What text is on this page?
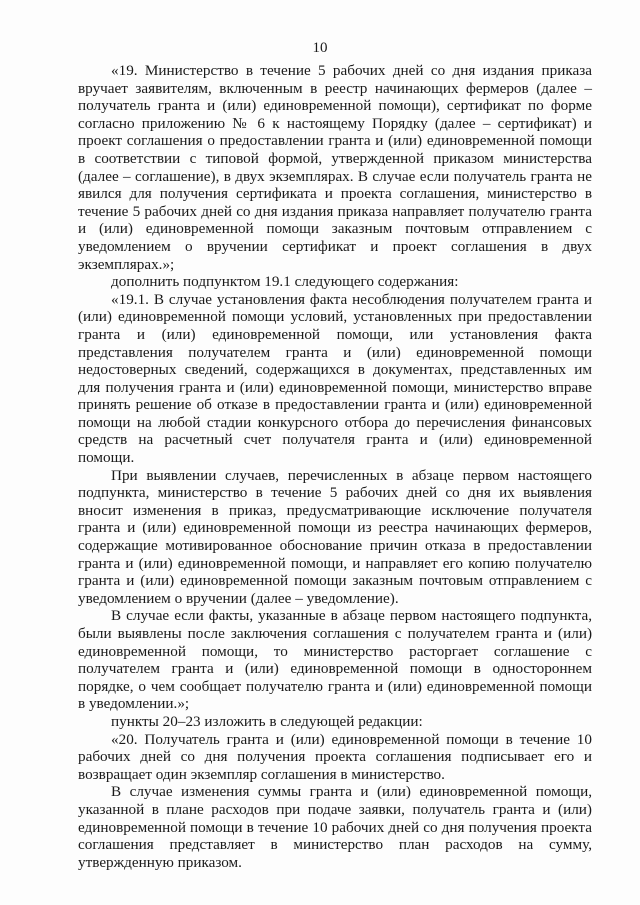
10

«19. Министерство в течение 5 рабочих дней со дня издания приказа вручает заявителям, включенным в реестр начинающих фермеров (далее – получатель гранта и (или) единовременной помощи), сертификат по форме согласно приложению № 6 к настоящему Порядку (далее – сертификат) и проект соглашения о предоставлении гранта и (или) единовременной помощи в соответствии с типовой формой, утвержденной приказом министерства (далее – соглашение), в двух экземплярах. В случае если получатель гранта не явился для получения сертификата и проекта соглашения, министерство в течение 5 рабочих дней со дня издания приказа направляет получателю гранта и (или) единовременной помощи заказным почтовым отправлением с уведомлением о вручении сертификат и проект соглашения в двух экземплярах.»;

дополнить подпунктом 19.1 следующего содержания:

«19.1. В случае установления факта несоблюдения получателем гранта и (или) единовременной помощи условий, установленных при предоставлении гранта и (или) единовременной помощи, или установления факта представления получателем гранта и (или) единовременной помощи недостоверных сведений, содержащихся в документах, представленных им для получения гранта и (или) единовременной помощи, министерство вправе принять решение об отказе в предоставлении гранта и (или) единовременной помощи на любой стадии конкурсного отбора до перечисления финансовых средств на расчетный счет получателя гранта и (или) единовременной помощи.

При выявлении случаев, перечисленных в абзаце первом настоящего подпункта, министерство в течение 5 рабочих дней со дня их выявления вносит изменения в приказ, предусматривающие исключение получателя гранта и (или) единовременной помощи из реестра начинающих фермеров, содержащие мотивированное обоснование причин отказа в предоставлении гранта и (или) единовременной помощи, и направляет его копию получателю гранта и (или) единовременной помощи заказным почтовым отправлением с уведомлением о вручении (далее – уведомление).

В случае если факты, указанные в абзаце первом настоящего подпункта, были выявлены после заключения соглашения с получателем гранта и (или) единовременной помощи, то министерство расторгает соглашение с получателем гранта и (или) единовременной помощи в одностороннем порядке, о чем сообщает получателю гранта и (или) единовременной помощи в уведомлении.»;

пункты 20–23 изложить в следующей редакции:

«20. Получатель гранта и (или) единовременной помощи в течение 10 рабочих дней со дня получения проекта соглашения подписывает его и возвращает один экземпляр соглашения в министерство.

В случае изменения суммы гранта и (или) единовременной помощи, указанной в плане расходов при подаче заявки, получатель гранта и (или) единовременной помощи в течение 10 рабочих дней со дня получения проекта соглашения представляет в министерство план расходов на сумму, утвержденную приказом.
